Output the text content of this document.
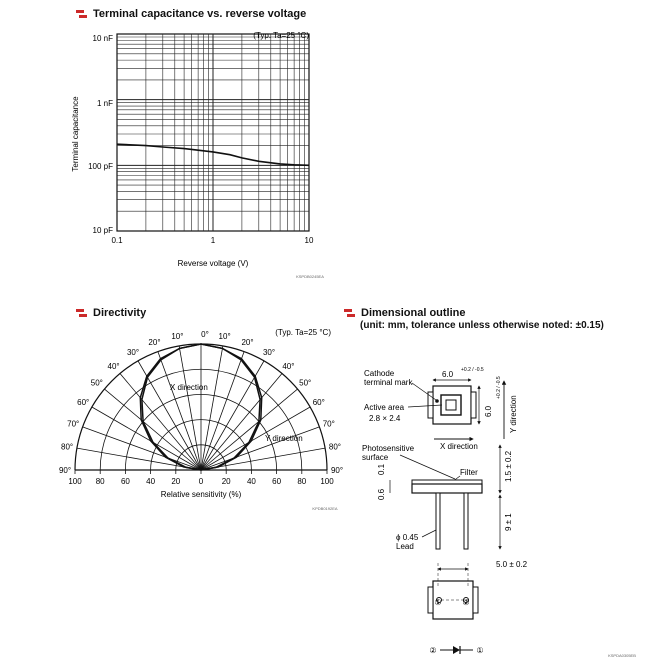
Terminal capacitance vs. reverse voltage
(Typ. Ta=25 °C)
0.1	1	10
10 nF
1 nF
100 pF
10 pF
Reverse voltage (V)
Terminal capacitance
KSPDB0245EA
Directivity
90°
80°
70°
60°
50°
40°
30°
20°
10° 0° 10°
20°
30°
40°
50°
60°
70°
80°
90°
100 80 60 40 20 0 20 40 60 80 100
(Typ. Ta=25 °C)
X direction
Y direction
Relative sensitivity (%)
KPDB0192EA
Dimensional outline
(unit: mm, tolerance unless otherwise noted: ±0.15)
Cathode
terminal mark
Active area
2.8 × 2.4
6.0 +0.2 / -0.5
6.0
+0.2 / -0.5
X direction
Y direction
Photosensitive
surface
Filter
0.1
0.6
1.5 ± 0.2
9 ± 1
ϕ 0.45
Lead
5.0 ± 0.2
①	②
②	①
KSPDA0305EB
